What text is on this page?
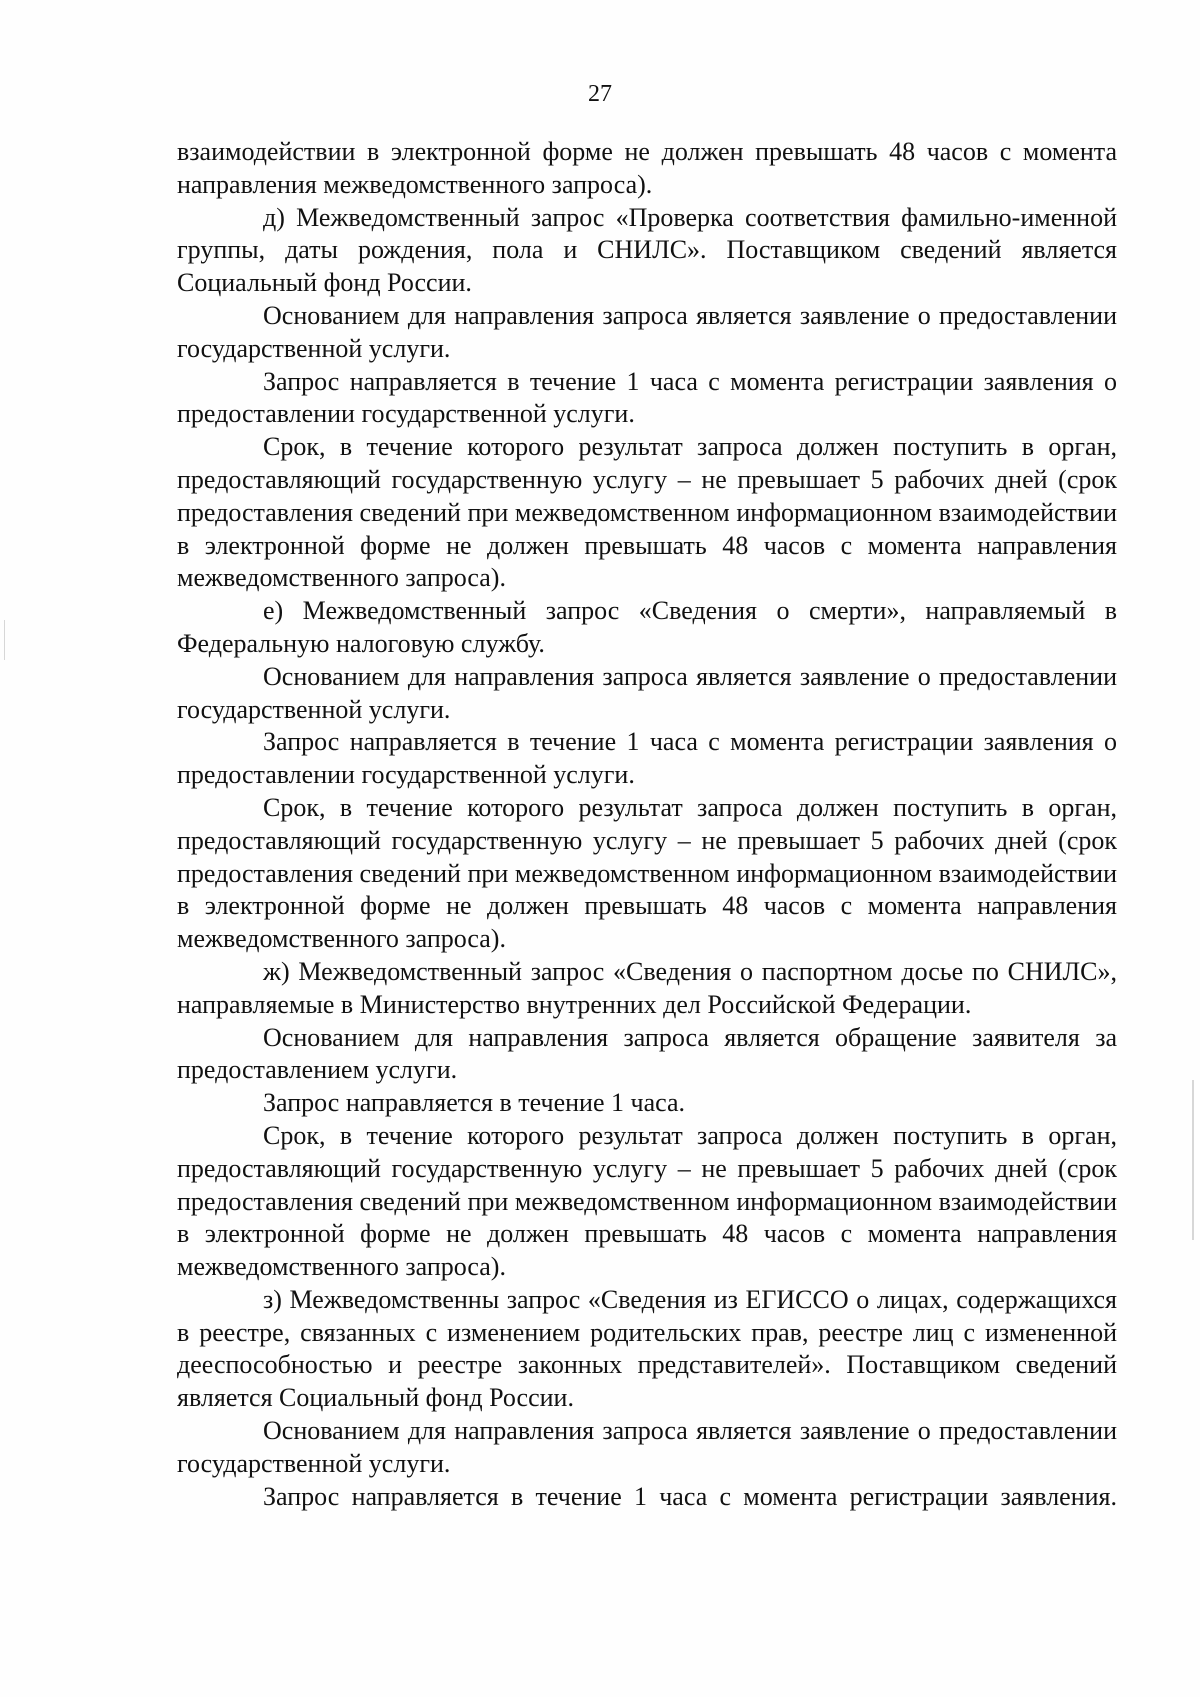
27

взаимодействии в электронной форме не должен превышать 48 часов с момента направления межведомственного запроса).

д) Межведомственный запрос «Проверка соответствия фамильно-именной группы, даты рождения, пола и СНИЛС». Поставщиком сведений является Социальный фонд России.

Основанием для направления запроса является заявление о предоставлении государственной услуги.

Запрос направляется в течение 1 часа с момента регистрации заявления о предоставлении государственной услуги.

Срок, в течение которого результат запроса должен поступить в орган, предоставляющий государственную услугу – не превышает 5 рабочих дней (срок предоставления сведений при межведомственном информационном взаимодействии в электронной форме не должен превышать 48 часов с момента направления межведомственного запроса).

е) Межведомственный запрос «Сведения о смерти», направляемый в Федеральную налоговую службу.

Основанием для направления запроса является заявление о предоставлении государственной услуги.

Запрос направляется в течение 1 часа с момента регистрации заявления о предоставлении государственной услуги.

Срок, в течение которого результат запроса должен поступить в орган, предоставляющий государственную услугу – не превышает 5 рабочих дней (срок предоставления сведений при межведомственном информационном взаимодействии в электронной форме не должен превышать 48 часов с момента направления межведомственного запроса).

ж) Межведомственный запрос «Сведения о паспортном досье по СНИЛС», направляемые в Министерство внутренних дел Российской Федерации.

Основанием для направления запроса является обращение заявителя за предоставлением услуги.

Запрос направляется в течение 1 часа.

Срок, в течение которого результат запроса должен поступить в орган, предоставляющий государственную услугу – не превышает 5 рабочих дней (срок предоставления сведений при межведомственном информационном взаимодействии в электронной форме не должен превышать 48 часов с момента направления межведомственного запроса).

з) Межведомственны запрос «Сведения из ЕГИССО о лицах, содержащихся в реестре, связанных с изменением родительских прав, реестре лиц с измененной дееспособностью и реестре законных представителей». Поставщиком сведений является Социальный фонд России.

Основанием для направления запроса является заявление о предоставлении государственной услуги.

Запрос направляется в течение 1 часа с момента регистрации заявления.
